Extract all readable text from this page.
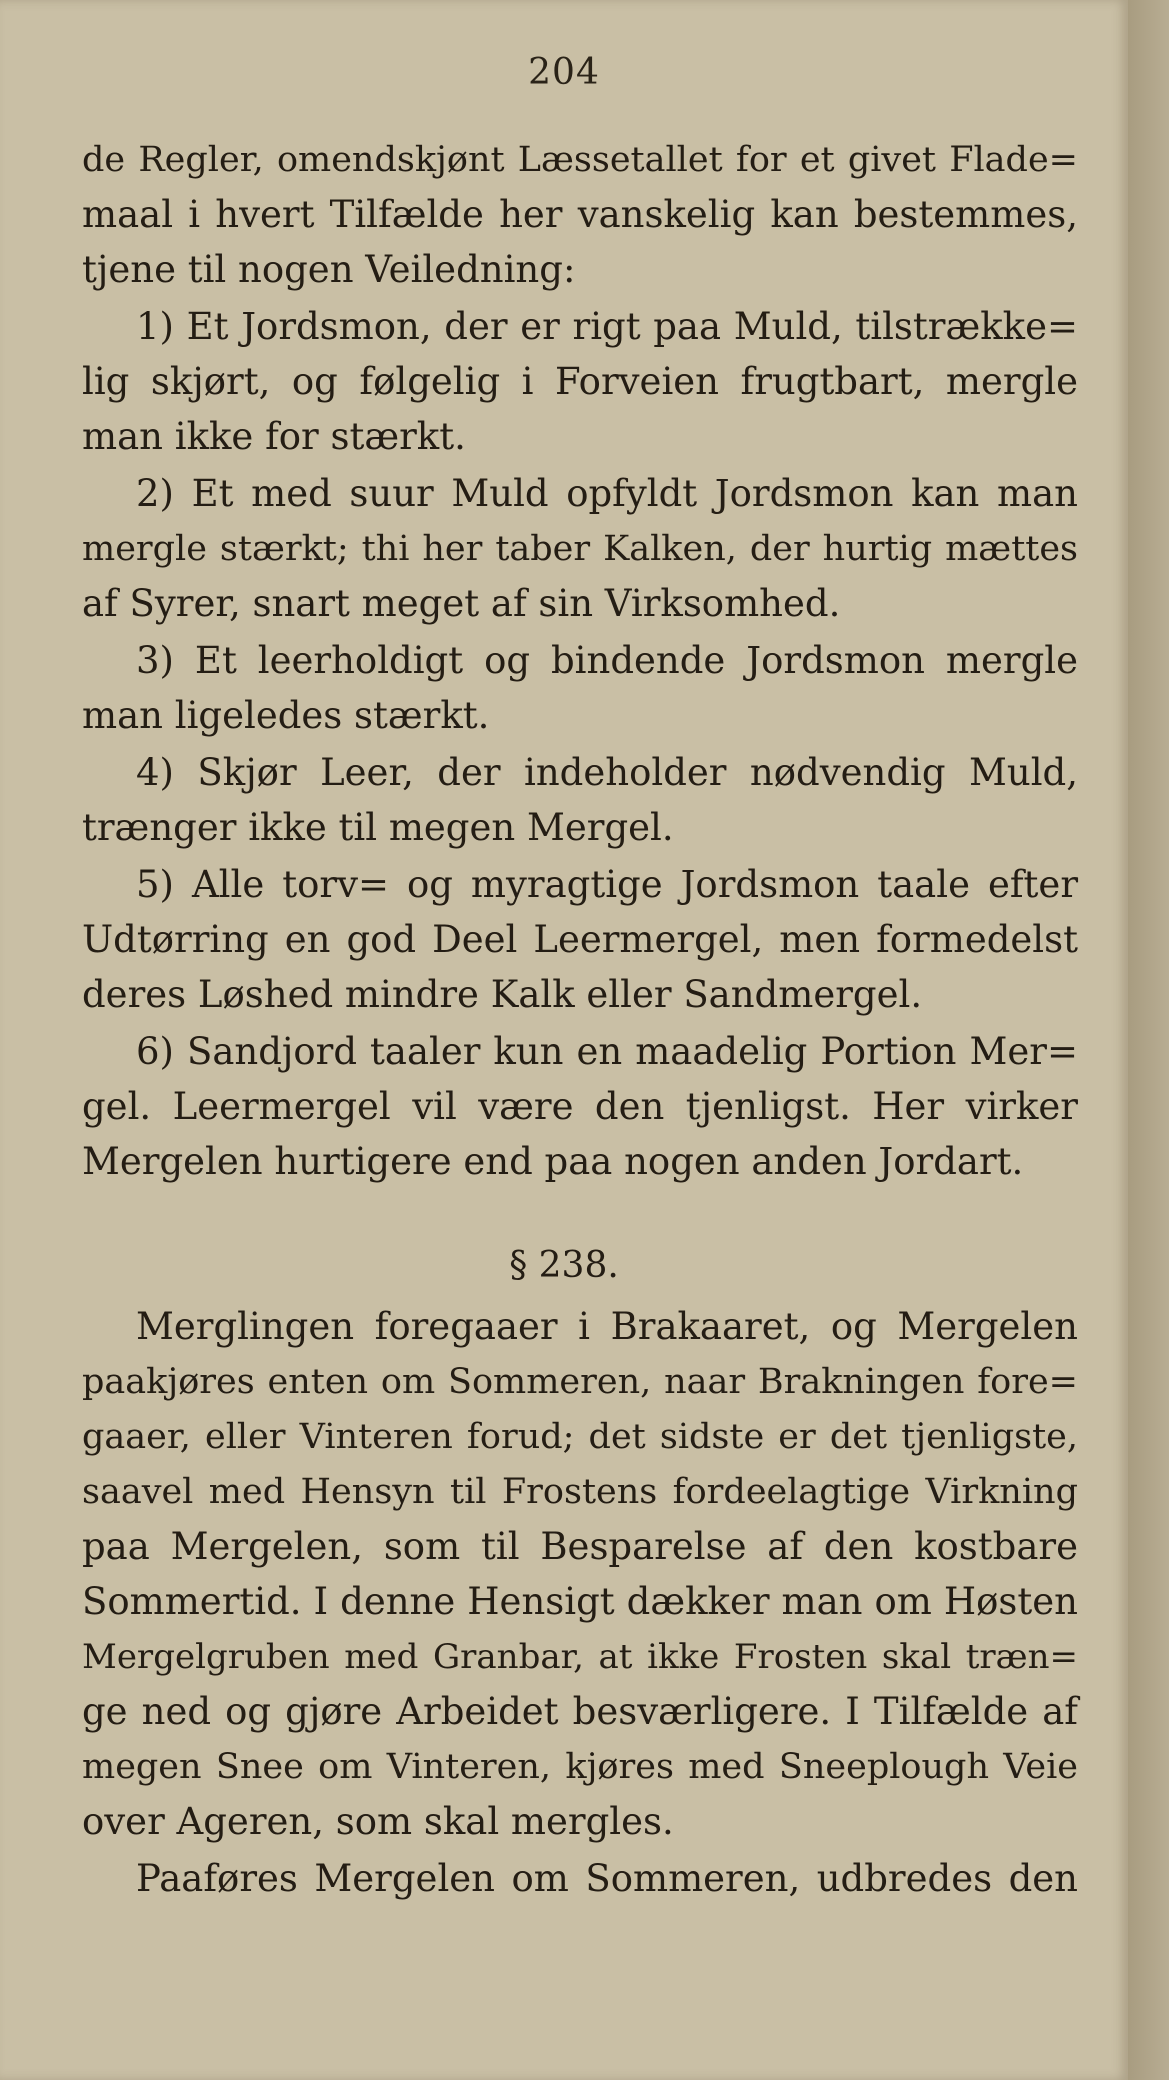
204
de Regler, omendskjønt Læssetallet for et givet Flade=
maal i hvert Tilfælde her vanskelig kan bestemmes,
tjene til nogen Veiledning:
1) Et Jordsmon, der er rigt paa Muld, tilstrække=
lig skjørt, og følgelig i Forveien frugtbart, mergle
man ikke for stærkt.
2) Et med suur Muld opfyldt Jordsmon kan man
mergle stærkt; thi her taber Kalken, der hurtig mættes
af Syrer, snart meget af sin Virksomhed.
3) Et leerholdigt og bindende Jordsmon mergle
man ligeledes stærkt.
4) Skjør Leer, der indeholder nødvendig Muld,
trænger ikke til megen Mergel.
5) Alle torv= og myragtige Jordsmon taale efter
Udtørring en god Deel Leermergel, men formedelst
deres Løshed mindre Kalk eller Sandmergel.
6) Sandjord taaler kun en maadelig Portion Mer=
gel. Leermergel vil være den tjenligst. Her virker
Mergelen hurtigere end paa nogen anden Jordart.
§ 238.
Merglingen foregaaer i Brakaaret, og Mergelen
paakjøres enten om Sommeren, naar Brakningen fore=
gaaer, eller Vinteren forud; det sidste er det tjenligste,
saavel med Hensyn til Frostens fordeelagtige Virkning
paa Mergelen, som til Besparelse af den kostbare
Sommertid. I denne Hensigt dækker man om Høsten
Mergelgruben med Granbar, at ikke Frosten skal træn=
ge ned og gjøre Arbeidet besværligere. I Tilfælde af
megen Snee om Vinteren, kjøres med Sneeplough Veie
over Ageren, som skal mergles.
Paaføres Mergelen om Sommeren, udbredes den
